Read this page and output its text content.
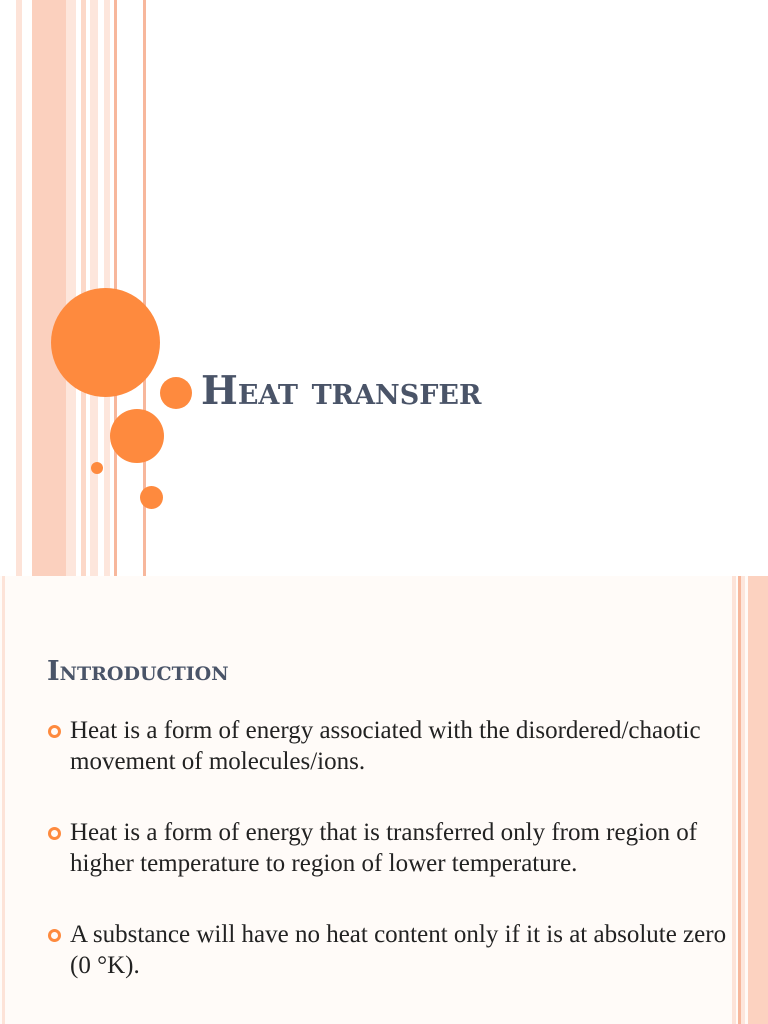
Heat transfer
Introduction
Heat is a form of energy associated with the disordered/chaotic movement of molecules/ions.
Heat is a form of energy that is transferred only from region of higher temperature to region of lower temperature.
A substance will have no heat content only if it is at absolute zero (0 °K).
